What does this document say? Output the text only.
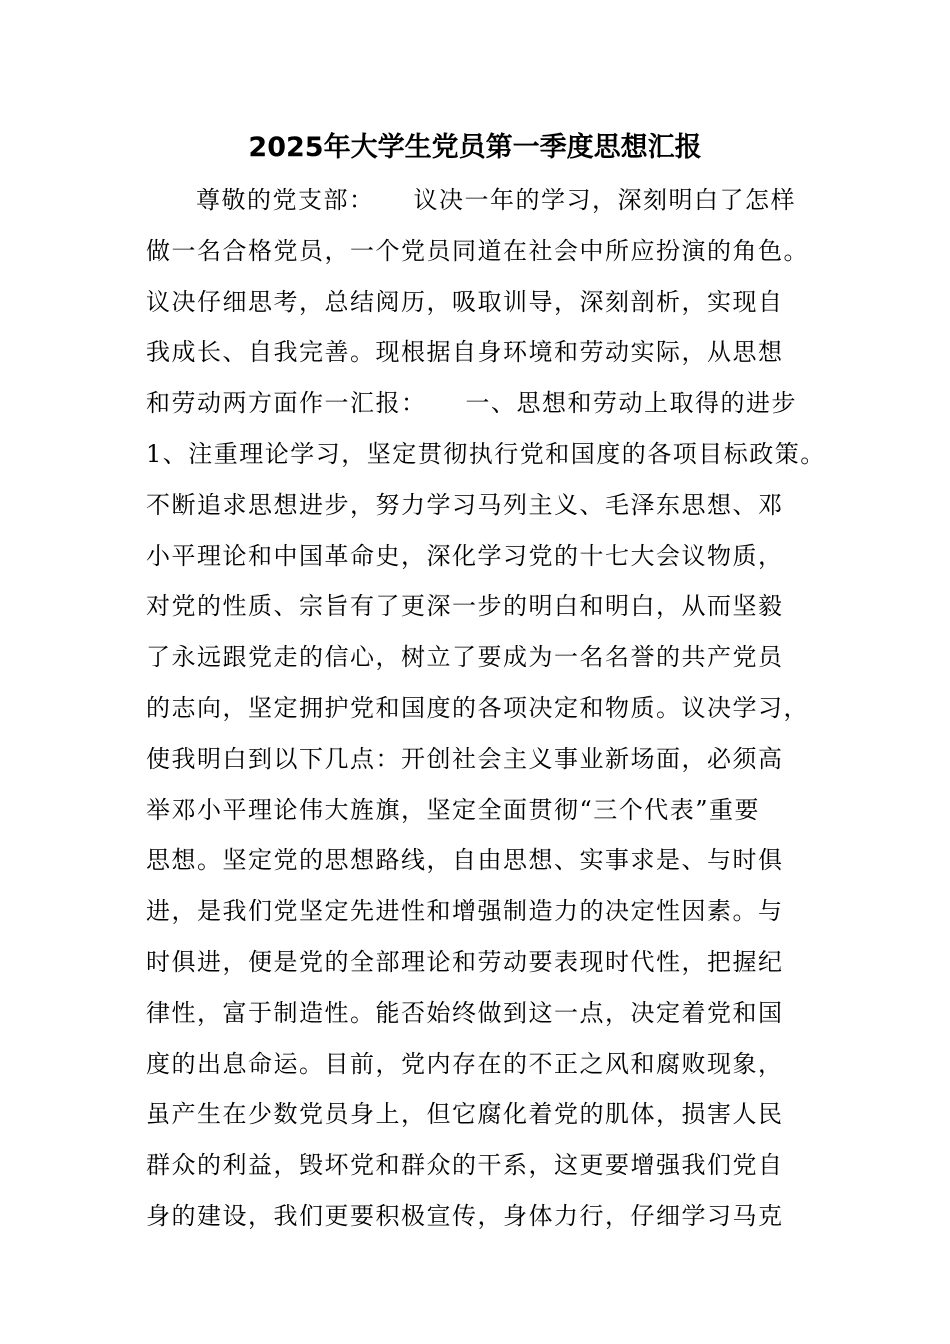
2025年大学生党员第一季度思想汇报
尊敬的党支部：　　议决一年的学习，深刻明白了怎样
做一名合格党员，一个党员同道在社会中所应扮演的角色。
议决仔细思考，总结阅历，吸取训导，深刻剖析，实现自
我成长、自我完善。现根据自身环境和劳动实际，从思想
和劳动两方面作一汇报：　　一、思想和劳动上取得的进步
1、注重理论学习，坚定贯彻执行党和国度的各项目标政策。
不断追求思想进步，努力学习马列主义、毛泽东思想、邓
小平理论和中国革命史，深化学习党的十七大会议物质，
对党的性质、宗旨有了更深一步的明白和明白，从而坚毅
了永远跟党走的信心，树立了要成为一名名誉的共产党员
的志向，坚定拥护党和国度的各项决定和物质。议决学习，
使我明白到以下几点：开创社会主义事业新场面，必须高
举邓小平理论伟大旌旗，坚定全面贯彻“三个代表”重要
思想。坚定党的思想路线，自由思想、实事求是、与时俱
进，是我们党坚定先进性和增强制造力的决定性因素。与
时俱进，便是党的全部理论和劳动要表现时代性，把握纪
律性，富于制造性。能否始终做到这一点，决定着党和国
度的出息命运。目前，党内存在的不正之风和腐败现象，
虽产生在少数党员身上，但它腐化着党的肌体，损害人民
群众的利益，毁坏党和群众的干系，这更要增强我们党自
身的建设，我们更要积极宣传，身体力行，仔细学习马克
